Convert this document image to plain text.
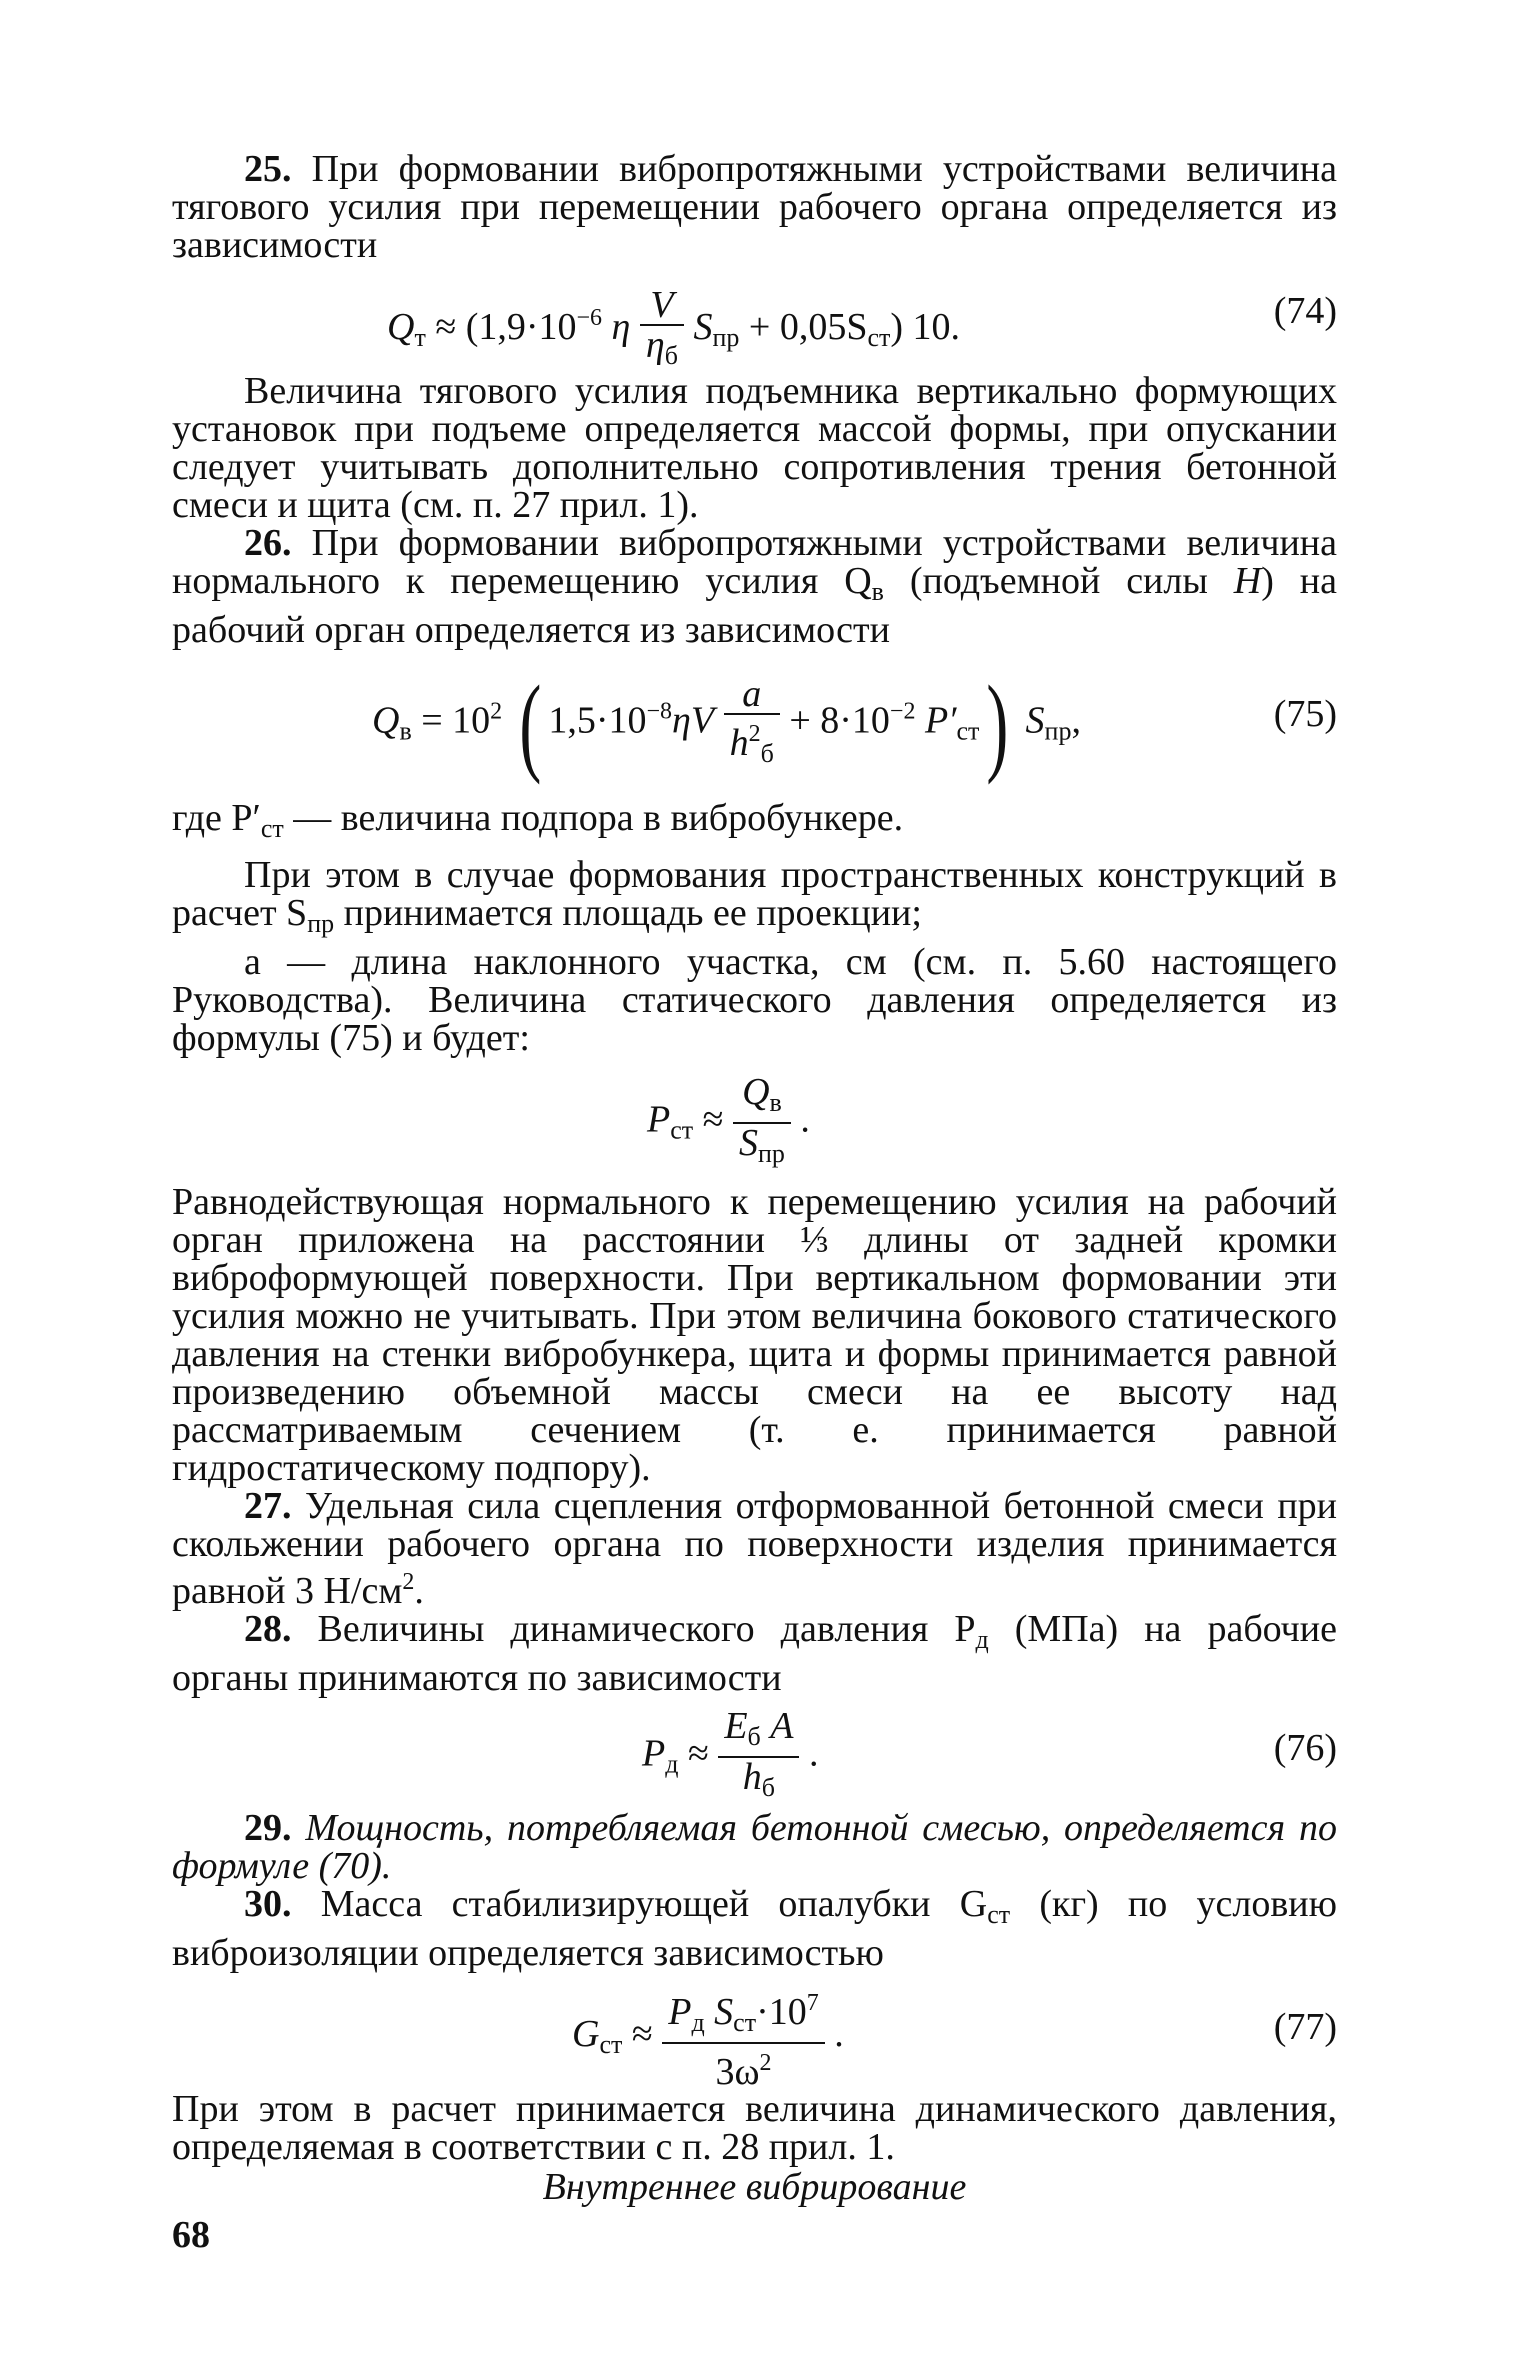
25. При формовании вибропротяжными устройствами величина тягового усилия при перемещении рабочего органа определяется из зависимости

$Q_т \approx (1,9\cdot 10^{-6}$ η $\frac{V}{\eta_б} S_{пр} + 0,05S_{ст}$) 10.	(74)

Величина тягового усилия подъемника вертикально формующих установок при подъеме определяется массой формы, при опускании следует учитывать дополнительно сопротивления трения бетонной смеси и щита (см. п. 27 прил. 1).

26. При формовании вибропротяжными устройствами величина нормального к перемещению усилия $Q_в$ (подъемной силы H) на рабочий орган определяется из зависимости

$Q_в = 10^2$ ( $1,5\cdot 10^{-8}\eta V \frac{a}{h^2_б} + 8\cdot 10^{-2}$ $P'_{ст}$) $S_{пр}$,	(75)

где $P'_{ст}$ — величина подпора в вибробункере.

При этом в случае формования пространственных конструкций в расчет $S_{пр}$ принимается площадь ее проекции;

a — длина наклонного участка, см (см. п. 5.60 настоящего Руководства). Величина статического давления определяется из формулы (75) и будет:

$P_{ст} \approx \frac{Q_в}{S_{пр}}$ .

Равнодействующая нормального к перемещению усилия на рабочий орган приложена на расстоянии ⅓ длины от задней кромки виброформующей поверхности. При вертикальном формовании эти усилия можно не учитывать. При этом величина бокового статического давления на стенки вибробункера, щита и формы принимается равной произведению объемной массы смеси на ее высоту над рассматриваемым сечением (т. е. принимается равной гидростатическому подпору).

27. Удельная сила сцепления отформованной бетонной смеси при скольжении рабочего органа по поверхности изделия принимается равной 3 $Н/см^2$.

28. Величины динамического давления $P_д$ (МПа) на рабочие органы принимаются по зависимости

$P_д \approx \frac{E_б A}{h_б}$ .	(76)

29. Мощность, потребляемая бетонной смесью, определяется по формуле (70).

30. Масса стабилизирующей опалубки $G_{ст}$ (кг) по условию виброизоляции определяется зависимостью

$G_{ст} \approx \frac{P_д S_{ст}\cdot 10^7}{3\omega^2}$ .	(77)

При этом в расчет принимается величина динамического давления, определяемая в соответствии с п. 28 прил. 1.

Внутреннее вибрирование

68
